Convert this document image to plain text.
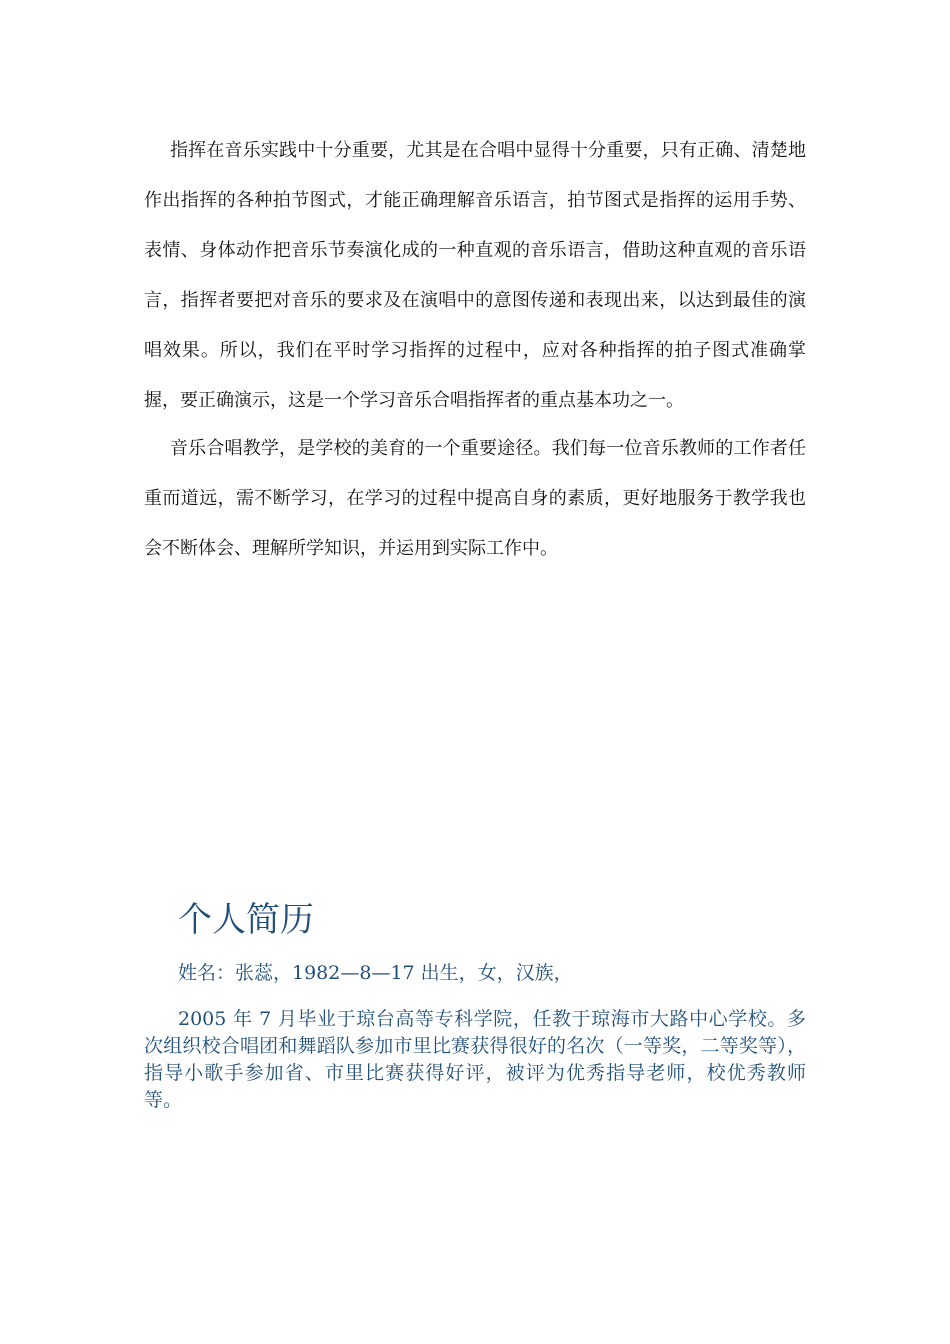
指挥在音乐实践中十分重要，尤其是在合唱中显得十分重要，只有正确、清楚地作出指挥的各种拍节图式，才能正确理解音乐语言，拍节图式是指挥的运用手势、表情、身体动作把音乐节奏演化成的一种直观的音乐语言，借助这种直观的音乐语言，指挥者要把对音乐的要求及在演唱中的意图传递和表现出来，以达到最佳的演唱效果。所以，我们在平时学习指挥的过程中，应对各种指挥的拍子图式准确掌握，要正确演示，这是一个学习音乐合唱指挥者的重点基本功之一。

音乐合唱教学，是学校的美育的一个重要途径。我们每一位音乐教师的工作者任重而道远，需不断学习，在学习的过程中提高自身的素质，更好地服务于教学我也会不断体会、理解所学知识，并运用到实际工作中。

个人简历

姓名：张蕊，1982—8—17 出生，女，汉族，

2005 年 7 月毕业于琼台高等专科学院，任教于琼海市大路中心学校。多次组织校合唱团和舞蹈队参加市里比赛获得很好的名次（一等奖，二等奖等），指导小歌手参加省、市里比赛获得好评，被评为优秀指导老师，校优秀教师等。
